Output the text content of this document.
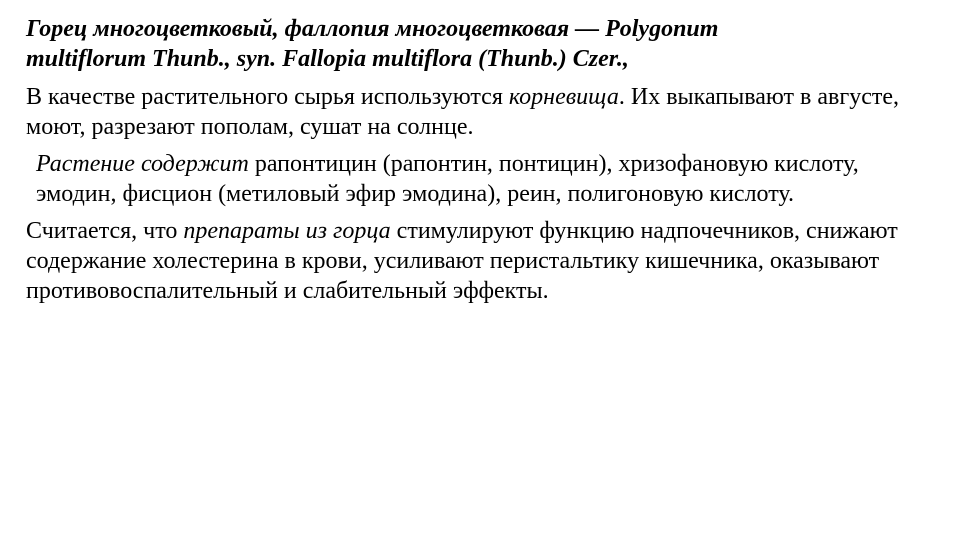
Горец многоцветковый, фаллопия многоцветковая — Polygonum
multiflorum Thunb., syn. Fallopia multiflora (Thunb.) Czer.,

В качестве растительного сырья используются корневища. Их выкапывают в августе, моют, разрезают пополам, сушат на солнце.

Растение содержит рапонтицин (рапонтин, понтицин), хризофановую кислоту, эмодин, фисцион (метиловый эфир эмодина), реин, полигоновую кислоту.

Считается, что препараты из горца стимулируют функцию надпочечников, снижают содержание холестерина в крови, усиливают перистальтику кишечника, оказывают противовоспалительный и слабительный эффекты.
